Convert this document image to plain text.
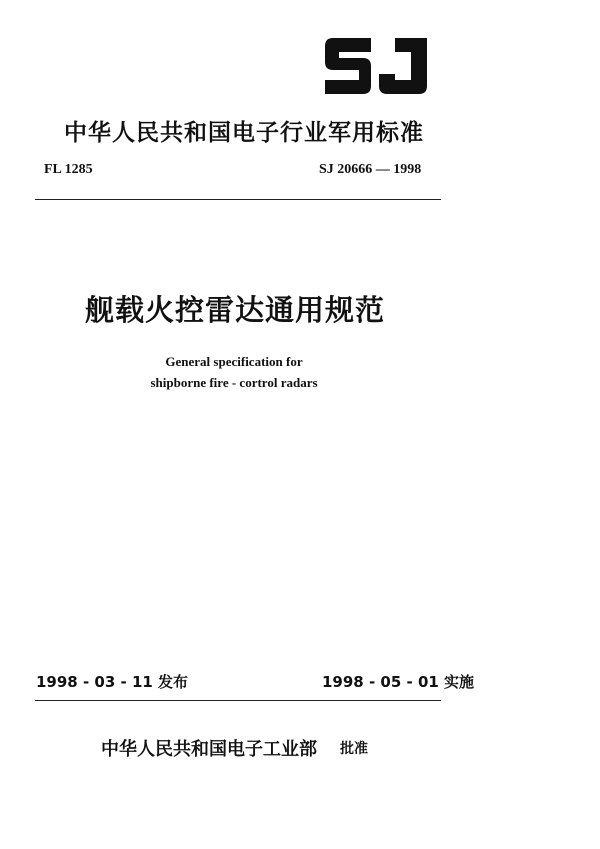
中华人民共和国电子行业军用标准
FL 1285	SJ 20666 — 1998
舰载火控雷达通用规范
General specification for
shipborne fire - cortrol radars
1998 - 03 - 11 发布	1998 - 05 - 01 实施
中华人民共和国电子工业部 批准
